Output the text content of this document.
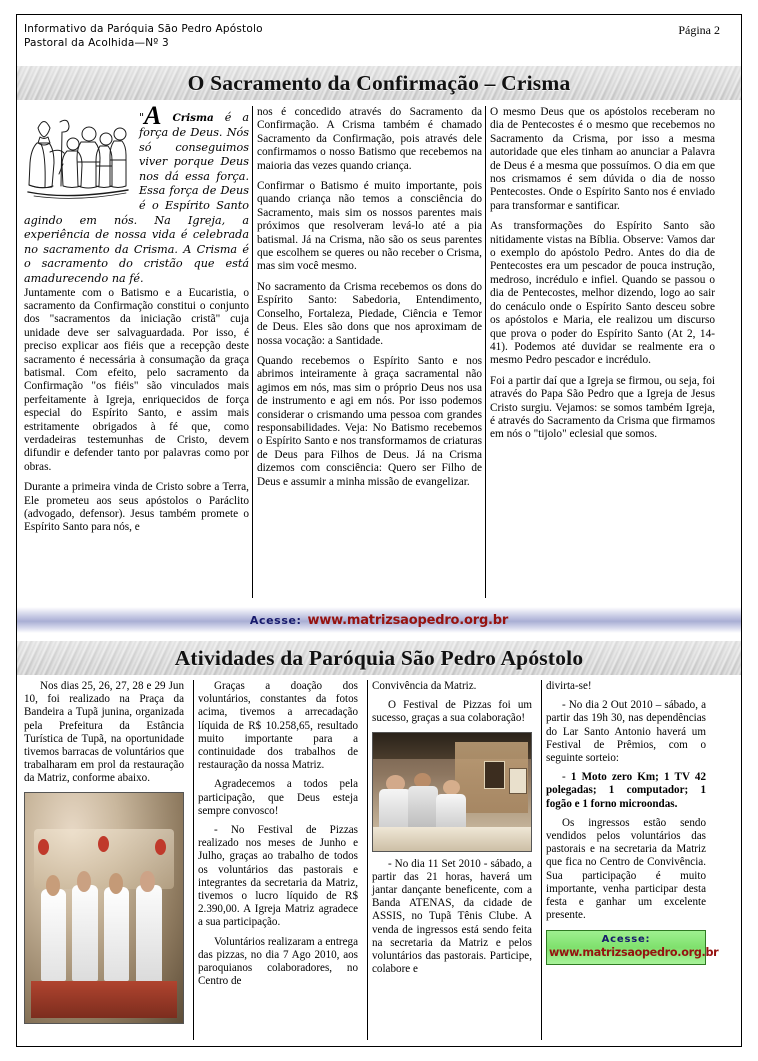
Informativo da Paróquia São Pedro Apóstolo
Pastoral da Acolhida—Nº 3
Página 2
O Sacramento da Confirmação – Crisma

"A Crisma é a força de Deus. Nós só conseguimos viver porque Deus nos dá essa força. Essa força de Deus é o Espírito Santo agindo em nós. Na Igreja, a experiência de nossa vida é celebrada no sacramento da Crisma. A Crisma é o sacramento do cristão que está amadurecendo na fé.

Juntamente com o Batismo e a Eucaristia, o sacramento da Confirmação constitui o conjunto dos "sacramentos da iniciação cristã" cuja unidade deve ser salvaguardada. Por isso, é preciso explicar aos fiéis que a recepção deste sacramento é necessária à consumação da graça batismal. Com efeito, pelo sacramento da Confirmação "os fiéis" são vinculados mais perfeitamente à Igreja, enriquecidos de força especial do Espírito Santo, e assim mais estritamente obrigados à fé que, como verdadeiras testemunhas de Cristo, devem difundir e defender tanto por palavras como por obras.

Durante a primeira vinda de Cristo sobre a Terra, Ele prometeu aos seus apóstolos o Paráclito (advogado, defensor). Jesus também promete o Espírito Santo para nós, e

nos é concedido através do Sacramento da Confirmação. A Crisma também é chamado Sacramento da Confirmação, pois através dele confirmamos o nosso Batismo que recebemos na maioria das vezes quando criança.

Confirmar o Batismo é muito importante, pois quando criança não temos a consciência do Sacramento, mais sim os nossos parentes mais próximos que resolveram levá-lo até a pia batismal. Já na Crisma, não são os seus parentes que escolhem se queres ou não receber o Crisma, mas sim você mesmo.

No sacramento da Crisma recebemos os dons do Espírito Santo: Sabedoria, Entendimento, Conselho, Fortaleza, Piedade, Ciência e Temor de Deus. Eles são dons que nos aproximam de nossa vocação: a Santidade.

Quando recebemos o Espírito Santo e nos abrimos inteiramente à graça sacramental não agimos em nós, mas sim o próprio Deus nos usa de instrumento e agi em nós. Por isso podemos considerar o crismando uma pessoa com grandes responsabilidades. Veja: No Batismo recebemos o Espírito Santo e nos transformamos de criaturas de Deus para Filhos de Deus. Já na Crisma dizemos com consciência: Quero ser Filho de Deus e assumir a minha missão de evangelizar.

O mesmo Deus que os apóstolos receberam no dia de Pentecostes é o mesmo que recebemos no Sacramento da Crisma, por isso a mesma autoridade que eles tinham ao anunciar a Palavra de Deus é a mesma que possuímos. O dia em que nos crismamos é sem dúvida o dia de nosso Pentecostes. Onde o Espírito Santo nos é enviado para transformar e santificar.

As transformações do Espírito Santo são nitidamente vistas na Bíblia. Observe: Vamos dar o exemplo do apóstolo Pedro. Antes do dia de Pentecostes era um pescador de pouca instrução, medroso, incrédulo e infiel. Quando se passou o dia de Pentecostes, melhor dizendo, logo ao sair do cenáculo onde o Espírito Santo desceu sobre os apóstolos e Maria, ele realizou um discurso que prova o poder do Espírito Santo (At 2, 14-41). Podemos até duvidar se realmente era o mesmo Pedro pescador e incrédulo.

Foi a partir daí que a Igreja se firmou, ou seja, foi através do Papa São Pedro que a Igreja de Jesus Cristo surgiu. Vejamos: se somos também Igreja, é através do Sacramento da Crisma que firmamos em nós o "tijolo" eclesial que somos.

Acesse: www.matrizsaopedro.org.br
Atividades da Paróquia São Pedro Apóstolo

Nos dias 25, 26, 27, 28 e 29 Jun 10, foi realizado na Praça da Bandeira a Tupã junina, organizada pela Prefeitura da Estância Turística de Tupã, na oportunidade tivemos barracas de voluntários que trabalharam em prol da restauração da Matriz, conforme abaixo.

Graças a doação dos voluntários, constantes da fotos acima, tivemos a arrecadação líquida de R$ 10.258,65, resultado muito importante para a continuidade dos trabalhos de restauração da nossa Matriz.

Agradecemos a todos pela participação, que Deus esteja sempre convosco!

- No Festival de Pizzas realizado nos meses de Junho e Julho, graças ao trabalho de todos os voluntários das pastorais e integrantes da secretaria da Matriz, tivemos o lucro líquido de R$ 2.390,00. A Igreja Matriz agradece a sua participação.

Voluntários realizaram a entrega das pizzas, no dia 7 Ago 2010, aos paroquianos colaboradores, no Centro de

Convivência da Matriz.

O Festival de Pizzas foi um sucesso, graças a sua colaboração!

- No dia 11 Set 2010 - sábado, a partir das 21 horas, haverá um jantar dançante beneficente, com a Banda ATENAS, da cidade de ASSIS, no Tupã Tênis Clube. A venda de ingressos está sendo feita na secretaria da Matriz e pelos voluntários das pastorais. Participe, colabore e

divirta-se!

- No dia 2 Out 2010 – sábado, a partir das 19h 30, nas dependências do Lar Santo Antonio haverá um Festival de Prêmios, com o seguinte sorteio:

- 1 Moto zero Km; 1 TV 42 polegadas; 1 computador; 1 fogão e 1 forno microondas.

Os ingressos estão sendo vendidos pelos voluntários das pastorais e na secretaria da Matriz que fica no Centro de Convivência. Sua participação é muito importante, venha participar desta festa e ganhar um excelente presente.

Acesse:
www.matrizsaopedro.org.br
